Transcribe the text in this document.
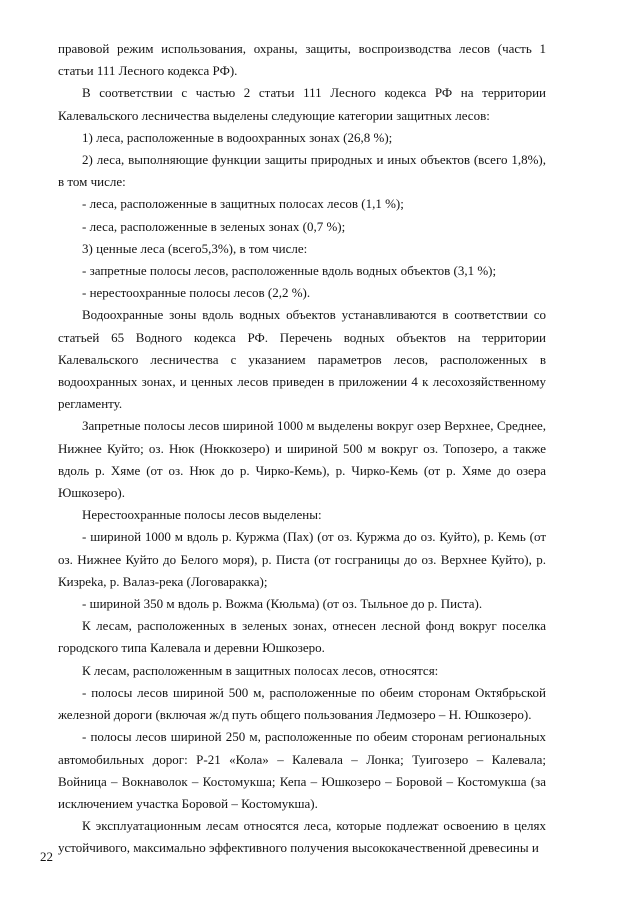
правовой режим использования, охраны, защиты, воспроизводства лесов (часть 1 статьи 111 Лесного кодекса РФ).

В соответствии с частью 2 статьи 111 Лесного кодекса РФ на территории Калевальского лесничества выделены следующие категории защитных лесов:

1) леса, расположенные в водоохранных зонах (26,8 %);

2) леса, выполняющие функции защиты природных и иных объектов (всего 1,8%), в том числе:

- леса, расположенные в защитных полосах лесов (1,1 %);

- леса, расположенные в зеленых зонах (0,7 %);

3) ценные леса (всего5,3%), в том числе:

- запретные полосы лесов, расположенные вдоль водных объектов (3,1 %);

- нерестоохранные полосы лесов (2,2 %).

Водоохранные зоны вдоль водных объектов устанавливаются в соответствии со статьей 65 Водного кодекса РФ. Перечень водных объектов на территории Калевальского лесничества с указанием параметров лесов, расположенных в водоохранных зонах, и ценных лесов приведен в приложении 4 к лесохозяйственному регламенту.

Запретные полосы лесов шириной 1000 м выделены вокруг озер Верхнее, Среднее, Нижнее Куйто; оз. Нюк (Нюккозеро) и шириной 500 м вокруг оз. Топозеро, а также вдоль р. Хяме (от оз. Нюк до р. Чирко-Кемь), р. Чирко-Кемь (от р. Хяме до озера Юшкозеро).

Нерестоохранные полосы лесов выделены:

- шириной 1000 м вдоль р. Куржма (Пах) (от оз. Куржма до оз. Куйто), р. Кемь (от оз. Нижнее Куйто до Белого моря), р. Писта (от госграницы до оз. Верхнее Куйто), р. Кизреka, р. Валаз-река (Логоваракка);

- шириной 350 м вдоль р. Вожма (Кюльма) (от оз. Тыльное до р. Писта).

К лесам, расположенных в зеленых зонах, отнесен лесной фонд вокруг поселка городского типа Калевала и деревни Юшкозеро.

К лесам, расположенным в защитных полосах лесов, относятся:

- полосы лесов шириной 500 м, расположенные по обеим сторонам Октябрьской железной дороги (включая ж/д путь общего пользования Ледмозеро – Н. Юшкозеро).

- полосы лесов шириной 250 м, расположенные по обеим сторонам региональных автомобильных дорог: Р-21 «Кола» – Калевала – Лонка; Туигозеро – Калевала; Войница – Вокнаволок – Костомукша; Кепа – Юшкозеро – Боровой – Костомукша (за исключением участка Боровой – Костомукша).

К эксплуатационным лесам относятся леса, которые подлежат освоению в целях устойчивого, максимально эффективного получения высококачественной древесины и

22
